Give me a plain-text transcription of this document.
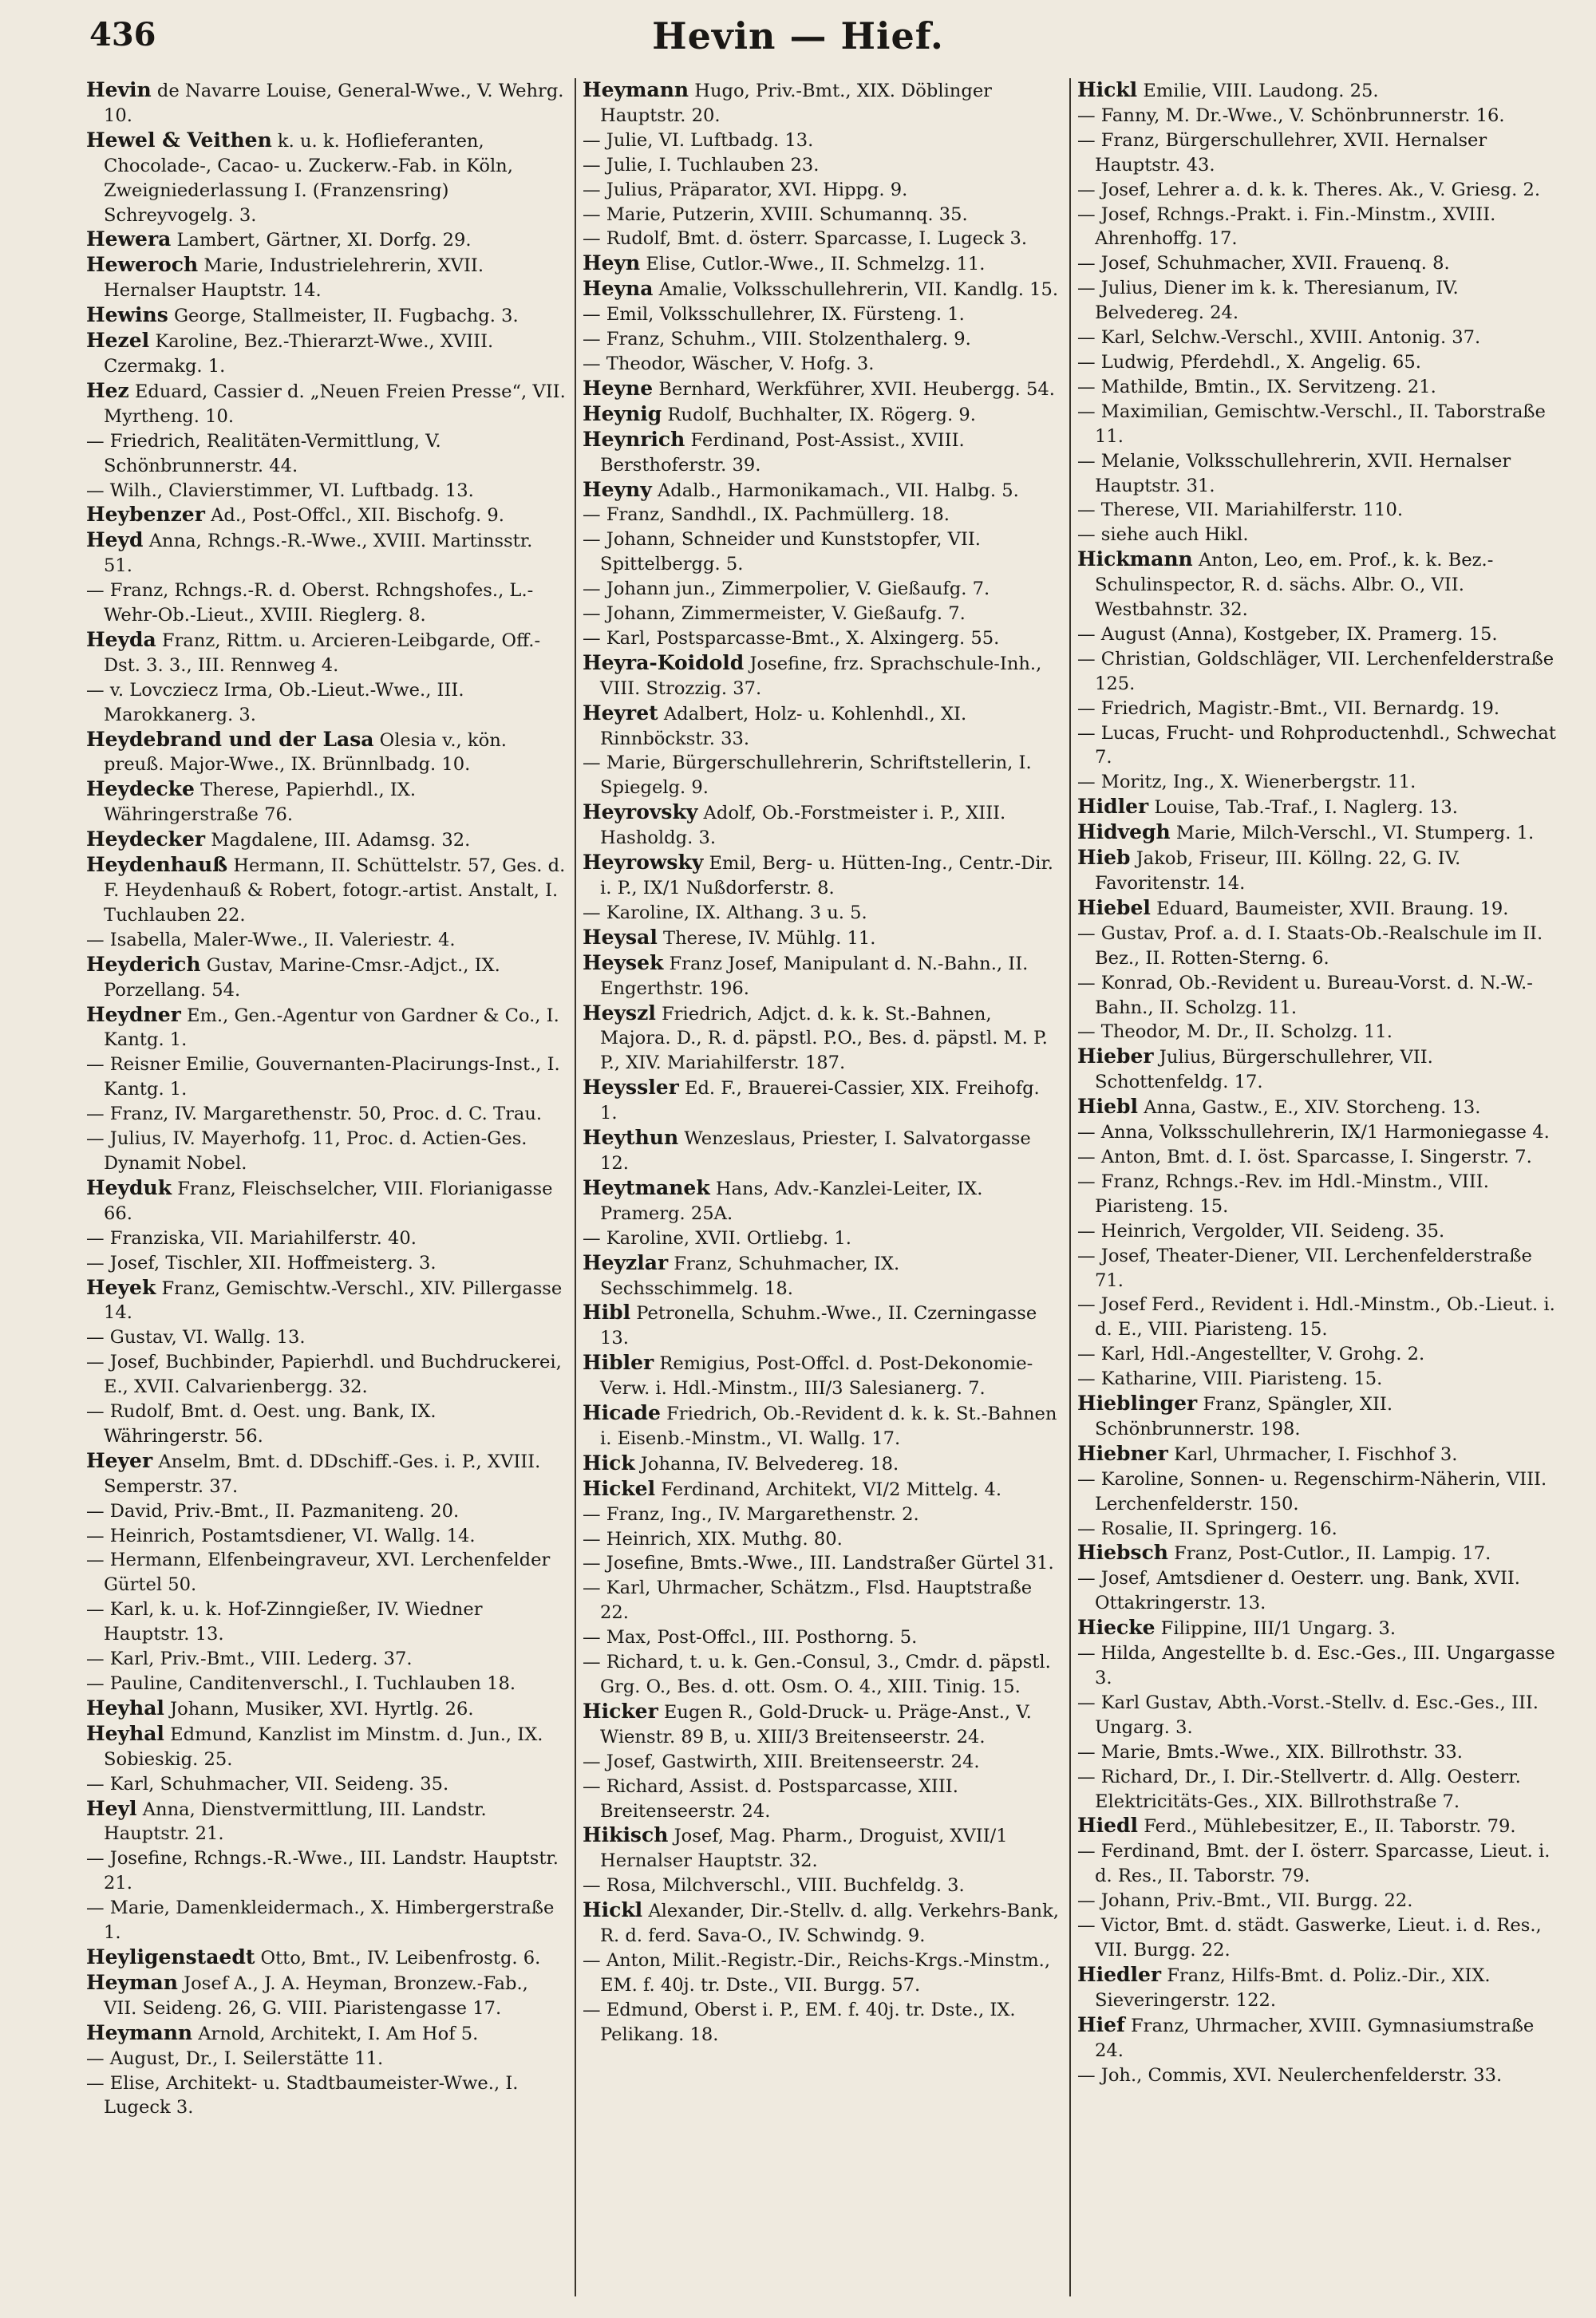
436	Hevin — Hief.

Hevin de Navarre Louise, General-Wwe., V. Wehrg. 10.

Hewel & Veithen k. u. k. Hoflieferanten, Chocolade-, Cacao- u. Zuckerw.-Fab. in Köln, Zweigniederlassung I. (Franzensring) Schreyvogelg. 3.

Hewera Lambert, Gärtner, XI. Dorfg. 29.

Heweroch Marie, Industrielehrerin, XVII. Hernalser Hauptstr. 14.

Hewins George, Stallmeister, II. Fugbachg. 3.

Hezel Karoline, Bez.-Thierarzt-Wwe., XVIII. Czermakg. 1.

Hez Eduard, Cassier d. „Neuen Freien Presse“, VII. Myrtheng. 10.

— Friedrich, Realitäten-Vermittlung, V. Schönbrunnerstr. 44.

— Wilh., Clavierstimmer, VI. Luftbadg. 13.

Heybenzer Ad., Post-Offcl., XII. Bischofg. 9.

Heyd Anna, Rchngs.-R.-Wwe., XVIII. Martinsstr. 51.

— Franz, Rchngs.-R. d. Oberst. Rchngshofes., L.-Wehr-Ob.-Lieut., XVIII. Rieglerg. 8.

Heyda Franz, Rittm. u. Arcieren-Leibgarde, Off.-Dst. 3. 3., III. Rennweg 4.

— v. Lovcziecz Irma, Ob.-Lieut.-Wwe., III. Marokkanerg. 3.

Heydebrand und der Lasa Olesia v., kön. preuß. Major-Wwe., IX. Brünnlbadg. 10.

Heydecke Therese, Papierhdl., IX. Währingerstraße 76.

Heydecker Magdalene, III. Adamsg. 32.

Heydenhauß Hermann, II. Schüttelstr. 57, Ges. d. F. Heydenhauß & Robert, fotogr.-artist. Anstalt, I. Tuchlauben 22.

— Isabella, Maler-Wwe., II. Valeriestr. 4.

Heyderich Gustav, Marine-Cmsr.-Adjct., IX. Porzellang. 54.

Heydner Em., Gen.-Agentur von Gardner & Co., I. Kantg. 1.

— Reisner Emilie, Gouvernanten-Placirungs-Inst., I. Kantg. 1.

— Franz, IV. Margarethenstr. 50, Proc. d. C. Trau.

— Julius, IV. Mayerhofg. 11, Proc. d. Actien-Ges. Dynamit Nobel.

Heyduk Franz, Fleischselcher, VIII. Florianigasse 66.

— Franziska, VII. Mariahilferstr. 40.

— Josef, Tischler, XII. Hoffmeisterg. 3.

Heyek Franz, Gemischtw.-Verschl., XIV. Pillergasse 14.

— Gustav, VI. Wallg. 13.

— Josef, Buchbinder, Papierhdl. und Buchdruckerei, E., XVII. Calvarienbergg. 32.

— Rudolf, Bmt. d. Oest. ung. Bank, IX. Währingerstr. 56.

Heyer Anselm, Bmt. d. DDschiff.-Ges. i. P., XVIII. Semperstr. 37.

— David, Priv.-Bmt., II. Pazmaniteng. 20.

— Heinrich, Postamtsdiener, VI. Wallg. 14.

— Hermann, Elfenbeingraveur, XVI. Lerchenfelder Gürtel 50.

— Karl, k. u. k. Hof-Zinngießer, IV. Wiedner Hauptstr. 13.

— Karl, Priv.-Bmt., VIII. Lederg. 37.

— Pauline, Canditenverschl., I. Tuchlauben 18.

Heyhal Johann, Musiker, XVI. Hyrtlg. 26.

Heyhal Edmund, Kanzlist im Minstm. d. Jun., IX. Sobieskig. 25.

— Karl, Schuhmacher, VII. Seideng. 35.

Heyl Anna, Dienstvermittlung, III. Landstr. Hauptstr. 21.

— Josefine, Rchngs.-R.-Wwe., III. Landstr. Hauptstr. 21.

— Marie, Damenkleidermach., X. Himbergerstraße 1.

Heyligenstaedt Otto, Bmt., IV. Leibenfrostg. 6.

Heyman Josef A., J. A. Heyman, Bronzew.-Fab., VII. Seideng. 26, G. VIII. Piaristengasse 17.

Heymann Arnold, Architekt, I. Am Hof 5.

— August, Dr., I. Seilerstätte 11.

— Elise, Architekt- u. Stadtbaumeister-Wwe., I. Lugeck 3.

Heymann Hugo, Priv.-Bmt., XIX. Döblinger Hauptstr. 20.

— Julie, VI. Luftbadg. 13.

— Julie, I. Tuchlauben 23.

— Julius, Präparator, XVI. Hippg. 9.

— Marie, Putzerin, XVIII. Schumannq. 35.

— Rudolf, Bmt. d. österr. Sparcasse, I. Lugeck 3.

Heyn Elise, Cutlor.-Wwe., II. Schmelzg. 11.

Heyna Amalie, Volksschullehrerin, VII. Kandlg. 15.

— Emil, Volksschullehrer, IX. Fürsteng. 1.

— Franz, Schuhm., VIII. Stolzenthalerg. 9.

— Theodor, Wäscher, V. Hofg. 3.

Heyne Bernhard, Werkführer, XVII. Heubergg. 54.

Heynig Rudolf, Buchhalter, IX. Rögerg. 9.

Heynrich Ferdinand, Post-Assist., XVIII. Bersthoferstr. 39.

Heyny Adalb., Harmonikamach., VII. Halbg. 5.

— Franz, Sandhdl., IX. Pachmüllerg. 18.

— Johann, Schneider und Kunststopfer, VII. Spittelbergg. 5.

— Johann jun., Zimmerpolier, V. Gießaufg. 7.

— Johann, Zimmermeister, V. Gießaufg. 7.

— Karl, Postsparcasse-Bmt., X. Alxingerg. 55.

Heyra-Koidold Josefine, frz. Sprachschule-Inh., VIII. Strozzig. 37.

Heyret Adalbert, Holz- u. Kohlenhdl., XI. Rinnböckstr. 33.

— Marie, Bürgerschullehrerin, Schriftstellerin, I. Spiegelg. 9.

Heyrovsky Adolf, Ob.-Forstmeister i. P., XIII. Hasholdg. 3.

Heyrowsky Emil, Berg- u. Hütten-Ing., Centr.-Dir. i. P., IX/1 Nußdorferstr. 8.

— Karoline, IX. Althang. 3 u. 5.

Heysal Therese, IV. Mühlg. 11.

Heysek Franz Josef, Manipulant d. N.-Bahn., II. Engerthstr. 196.

Heyszl Friedrich, Adjct. d. k. k. St.-Bahnen, Majora. D., R. d. päpstl. P.O., Bes. d. päpstl. M. P. P., XIV. Mariahilferstr. 187.

Heyssler Ed. F., Brauerei-Cassier, XIX. Freihofg. 1.

Heythun Wenzeslaus, Priester, I. Salvatorgasse 12.

Heytmanek Hans, Adv.-Kanzlei-Leiter, IX. Pramerg. 25A.

— Karoline, XVII. Ortliebg. 1.

Heyzlar Franz, Schuhmacher, IX. Sechsschimmelg. 18.

Hibl Petronella, Schuhm.-Wwe., II. Czerningasse 13.

Hibler Remigius, Post-Offcl. d. Post-Dekonomie-Verw. i. Hdl.-Minstm., III/3 Salesianerg. 7.

Hicade Friedrich, Ob.-Revident d. k. k. St.-Bahnen i. Eisenb.-Minstm., VI. Wallg. 17.

Hick Johanna, IV. Belvedereg. 18.

Hickel Ferdinand, Architekt, VI/2 Mittelg. 4.

— Franz, Ing., IV. Margarethenstr. 2.

— Heinrich, XIX. Muthg. 80.

— Josefine, Bmts.-Wwe., III. Landstraßer Gürtel 31.

— Karl, Uhrmacher, Schätzm., Flsd. Hauptstraße 22.

— Max, Post-Offcl., III. Posthorng. 5.

— Richard, t. u. k. Gen.-Consul, 3., Cmdr. d. päpstl. Grg. O., Bes. d. ott. Osm. O. 4., XIII. Tinig. 15.

Hicker Eugen R., Gold-Druck- u. Präge-Anst., V. Wienstr. 89 B, u. XIII/3 Breitenseerstr. 24.

— Josef, Gastwirth, XIII. Breitenseerstr. 24.

— Richard, Assist. d. Postsparcasse, XIII. Breitenseerstr. 24.

Hikisch Josef, Mag. Pharm., Droguist, XVII/1 Hernalser Hauptstr. 32.

— Rosa, Milchverschl., VIII. Buchfeldg. 3.

Hickl Alexander, Dir.-Stellv. d. allg. Verkehrs-Bank, R. d. ferd. Sava-O., IV. Schwindg. 9.

— Anton, Milit.-Registr.-Dir., Reichs-Krgs.-Minstm., EM. f. 40j. tr. Dste., VII. Burgg. 57.

— Edmund, Oberst i. P., EM. f. 40j. tr. Dste., IX. Pelikang. 18.

Hickl Emilie, VIII. Laudong. 25.

— Fanny, M. Dr.-Wwe., V. Schönbrunnerstr. 16.

— Franz, Bürgerschullehrer, XVII. Hernalser Hauptstr. 43.

— Josef, Lehrer a. d. k. k. Theres. Ak., V. Griesg. 2.

— Josef, Rchngs.-Prakt. i. Fin.-Minstm., XVIII. Ahrenhoffg. 17.

— Josef, Schuhmacher, XVII. Frauenq. 8.

— Julius, Diener im k. k. Theresianum, IV. Belvedereg. 24.

— Karl, Selchw.-Verschl., XVIII. Antonig. 37.

— Ludwig, Pferdehdl., X. Angelig. 65.

— Mathilde, Bmtin., IX. Servitzeng. 21.

— Maximilian, Gemischtw.-Verschl., II. Taborstraße 11.

— Melanie, Volksschullehrerin, XVII. Hernalser Hauptstr. 31.

— Therese, VII. Mariahilferstr. 110.

— siehe auch Hikl.

Hickmann Anton, Leo, em. Prof., k. k. Bez.-Schulinspector, R. d. sächs. Albr. O., VII. Westbahnstr. 32.

— August (Anna), Kostgeber, IX. Pramerg. 15.

— Christian, Goldschläger, VII. Lerchenfelderstraße 125.

— Friedrich, Magistr.-Bmt., VII. Bernardg. 19.

— Lucas, Frucht- und Rohproductenhdl., Schwechat 7.

— Moritz, Ing., X. Wienerbergstr. 11.

Hidler Louise, Tab.-Traf., I. Naglerg. 13.

Hidvegh Marie, Milch-Verschl., VI. Stumperg. 1.

Hieb Jakob, Friseur, III. Köllng. 22, G. IV. Favoritenstr. 14.

Hiebel Eduard, Baumeister, XVII. Braung. 19.

— Gustav, Prof. a. d. I. Staats-Ob.-Realschule im II. Bez., II. Rotten-Sterng. 6.

— Konrad, Ob.-Revident u. Bureau-Vorst. d. N.-W.-Bahn., II. Scholzg. 11.

— Theodor, M. Dr., II. Scholzg. 11.

Hieber Julius, Bürgerschullehrer, VII. Schottenfeldg. 17.

Hiebl Anna, Gastw., E., XIV. Storcheng. 13.

— Anna, Volksschullehrerin, IX/1 Harmoniegasse 4.

— Anton, Bmt. d. I. öst. Sparcasse, I. Singerstr. 7.

— Franz, Rchngs.-Rev. im Hdl.-Minstm., VIII. Piaristeng. 15.

— Heinrich, Vergolder, VII. Seideng. 35.

— Josef, Theater-Diener, VII. Lerchenfelderstraße 71.

— Josef Ferd., Revident i. Hdl.-Minstm., Ob.-Lieut. i. d. E., VIII. Piaristeng. 15.

— Karl, Hdl.-Angestellter, V. Grohg. 2.

— Katharine, VIII. Piaristeng. 15.

Hieblinger Franz, Spängler, XII. Schönbrunnerstr. 198.

Hiebner Karl, Uhrmacher, I. Fischhof 3.

— Karoline, Sonnen- u. Regenschirm-Näherin, VIII. Lerchenfelderstr. 150.

— Rosalie, II. Springerg. 16.

Hiebsch Franz, Post-Cutlor., II. Lampig. 17.

— Josef, Amtsdiener d. Oesterr. ung. Bank, XVII. Ottakringerstr. 13.

Hiecke Filippine, III/1 Ungarg. 3.

— Hilda, Angestellte b. d. Esc.-Ges., III. Ungargasse 3.

— Karl Gustav, Abth.-Vorst.-Stellv. d. Esc.-Ges., III. Ungarg. 3.

— Marie, Bmts.-Wwe., XIX. Billrothstr. 33.

— Richard, Dr., I. Dir.-Stellvertr. d. Allg. Oesterr. Elektricitäts-Ges., XIX. Billrothstraße 7.

Hiedl Ferd., Mühlebesitzer, E., II. Taborstr. 79.

— Ferdinand, Bmt. der I. österr. Sparcasse, Lieut. i. d. Res., II. Taborstr. 79.

— Johann, Priv.-Bmt., VII. Burgg. 22.

— Victor, Bmt. d. städt. Gaswerke, Lieut. i. d. Res., VII. Burgg. 22.

Hiedler Franz, Hilfs-Bmt. d. Poliz.-Dir., XIX. Sieveringerstr. 122.

Hief Franz, Uhrmacher, XVIII. Gymnasiumstraße 24.

— Joh., Commis, XVI. Neulerchenfelderstr. 33.
